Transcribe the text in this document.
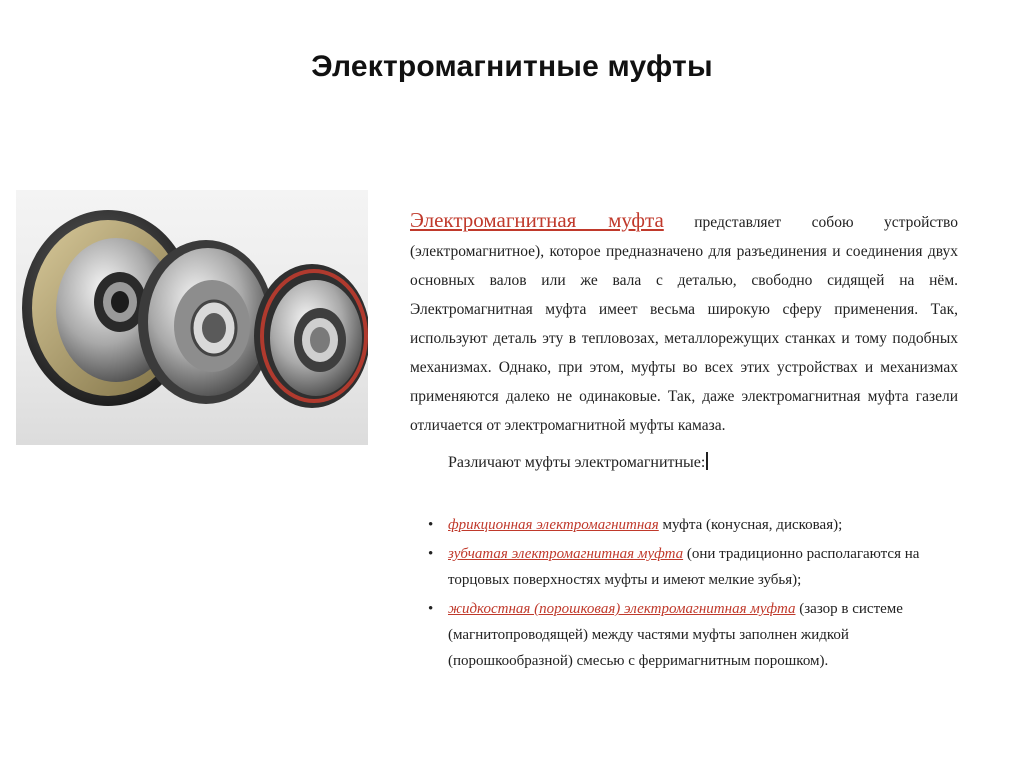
Электромагнитные муфты
Электромагнитная муфта представляет собою устройство (электромагнитное), которое предназначено для разъединения и соединения двух основных валов или же вала с деталью, свободно сидящей на нём. Электромагнитная муфта имеет весьма широкую сферу применения. Так, используют деталь эту в тепловозах, металлорежущих станках и тому подобных механизмах. Однако, при этом, муфты во всех этих устройствах и механизмах применяются далеко не одинаковые. Так, даже электромагнитная муфта газели отличается от электромагнитной муфты камаза.
Различают муфты электромагнитные:
• фрикционная электромагнитная муфта (конусная, дисковая);
• зубчатая электромагнитная муфта (они традиционно располагаются на торцовых поверхностях муфты и имеют мелкие зубья);
• жидкостная (порошковая) электромагнитная муфта (зазор в системе (магнитопроводящей) между частями муфты заполнен жидкой (порошкообразной) смесью с ферримагнитным порошком).
